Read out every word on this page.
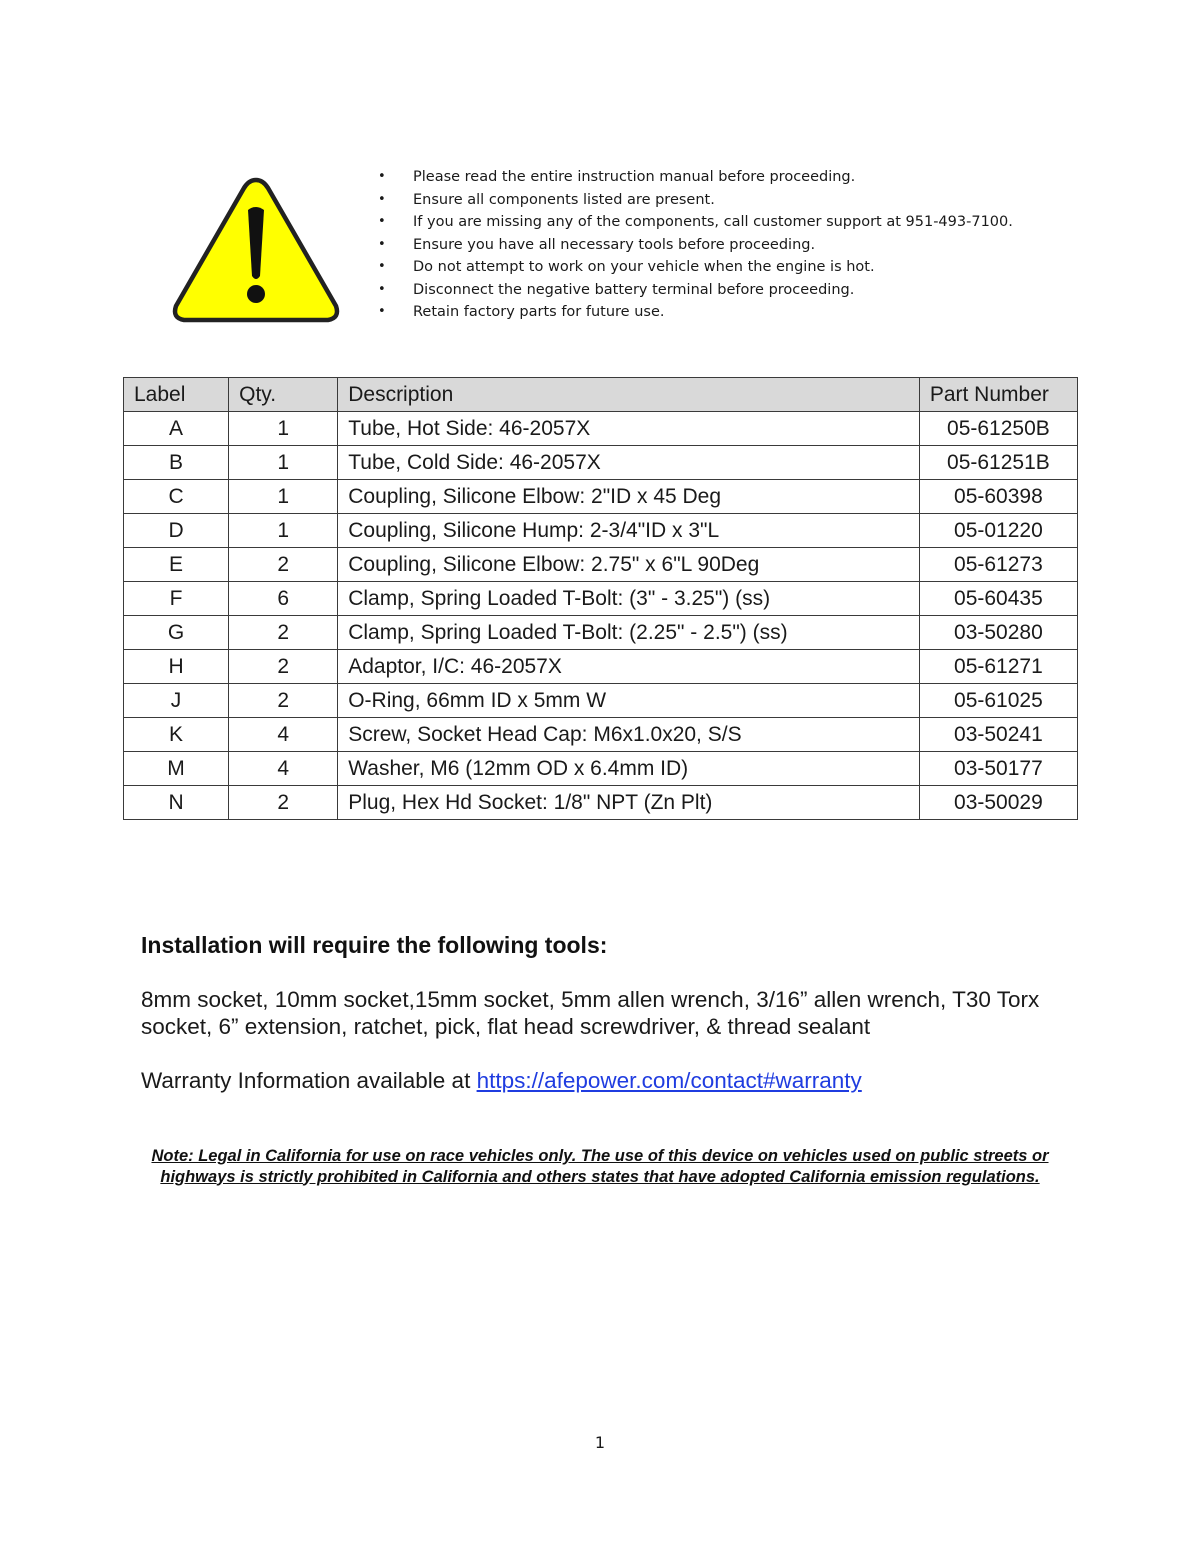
• Please read the entire instruction manual before proceeding.
• Ensure all components listed are present.
• If you are missing any of the components, call customer support at 951-493-7100.
• Ensure you have all necessary tools before proceeding.
• Do not attempt to work on your vehicle when the engine is hot.
• Disconnect the negative battery terminal before proceeding.
• Retain factory parts for future use.
Label	Qty.	Description	Part Number
A	1	Tube, Hot Side: 46-2057X	05-61250B
B	1	Tube, Cold Side: 46-2057X	05-61251B
C	1	Coupling, Silicone Elbow: 2"ID x 45 Deg	05-60398
D	1	Coupling, Silicone Hump: 2-3/4"ID x 3"L	05-01220
E	2	Coupling, Silicone Elbow: 2.75" x 6"L 90Deg	05-61273
F	6	Clamp, Spring Loaded T-Bolt: (3" - 3.25") (ss)	05-60435
G	2	Clamp, Spring Loaded T-Bolt: (2.25" - 2.5") (ss)	03-50280
H	2	Adaptor, I/C: 46-2057X	05-61271
J	2	O-Ring, 66mm ID x 5mm W	05-61025
K	4	Screw, Socket Head Cap: M6x1.0x20, S/S	03-50241
M	4	Washer, M6 (12mm OD x 6.4mm ID)	03-50177
N	2	Plug, Hex Hd Socket: 1/8" NPT (Zn Plt)	03-50029
Installation will require the following tools:

8mm socket, 10mm socket,15mm socket, 5mm allen wrench, 3/16” allen wrench, T30 Torx socket, 6” extension, ratchet, pick, flat head screwdriver, & thread sealant

Warranty Information available at https://afepower.com/contact#warranty

Note: Legal in California for use on race vehicles only. The use of this device on vehicles used on public streets or highways is strictly prohibited in California and others states that have adopted California emission regulations.

1
